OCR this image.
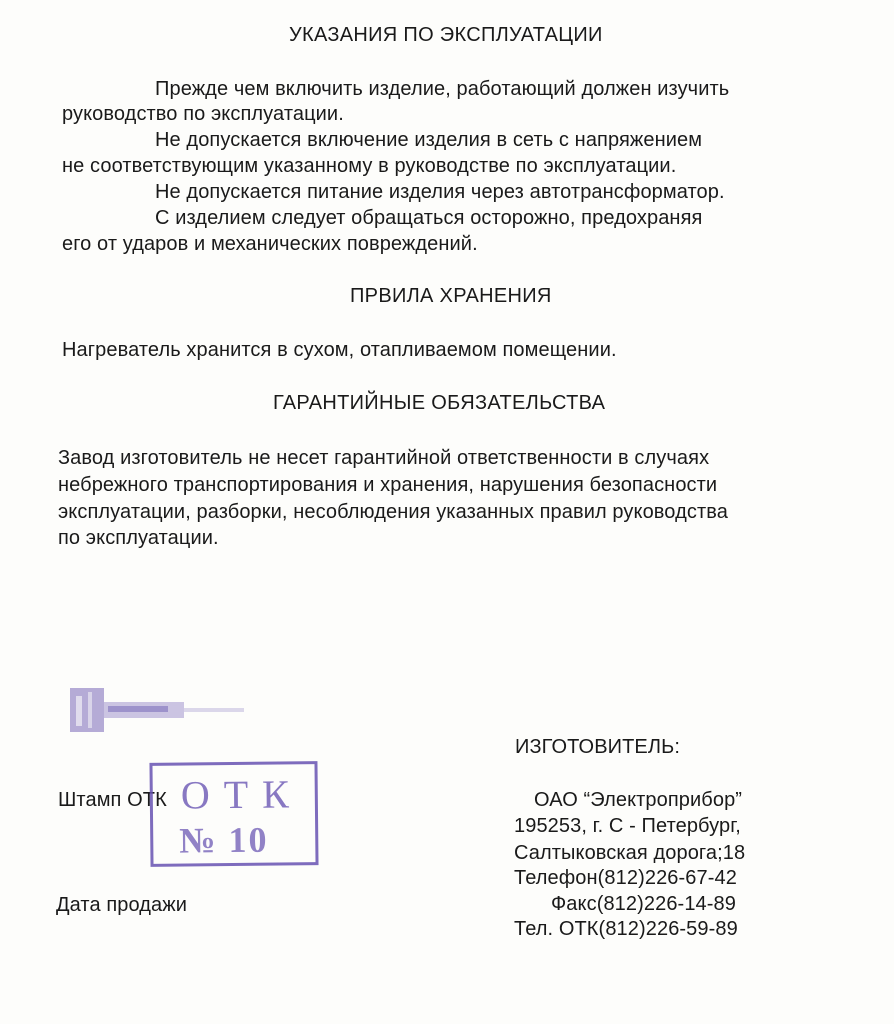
УКАЗАНИЯ ПО ЭКСПЛУАТАЦИИ
Прежде чем включить изделие, работающий должен изучить
руководство по эксплуатации.
Не допускается включение изделия в сеть с напряжением
не соответствующим указанному в руководстве по эксплуатации.
Не допускается питание изделия через автотрансформатор.
С изделием следует обращаться осторожно, предохраняя
его от ударов и механических повреждений.
ПРВИЛА ХРАНЕНИЯ
Нагреватель хранится в сухом, отапливаемом помещении.
ГАРАНТИЙНЫЕ ОБЯЗАТЕЛЬСТВА
Завод изготовитель не несет гарантийной ответственности в случаях
небрежного транспортирования и хранения, нарушения безопасности
эксплуатации, разборки, несоблюдения указанных правил руководства
по эксплуатации.
Штамп ОТК ОТК
№ 10
Дата продажи
ИЗГОТОВИТЕЛЬ:
ОАО “Электроприбор”
195253, г. С - Петербург,
Салтыковская дорога;18
Телефон(812)226-67-42
Факс(812)226-14-89
Тел. ОТК(812)226-59-89
